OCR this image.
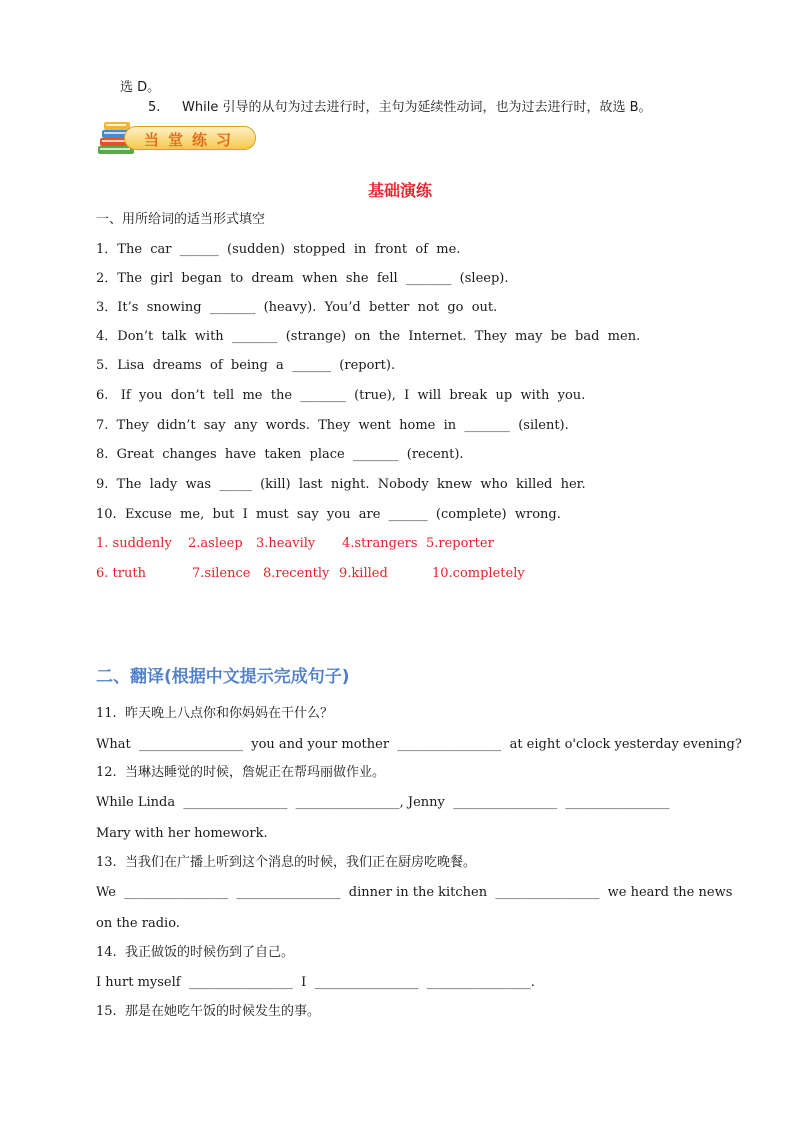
选 D。
5. While 引导的从句为过去进行时，主句为延续性动词，也为过去进行时，故选 B。
当堂练习
基础演练
一、用所给词的适当形式填空
1．The  car  ______  (sudden)  stopped  in  front  of  me.
2．The  girl  began  to  dream  when  she  fell  _______  (sleep).
3．It’s  snowing  _______  (heavy).  You’d  better  not  go  out.
4．Don’t  talk  with  _______  (strange)  on  the  Internet.  They  may  be  bad  men.
5．Lisa  dreams  of  being  a  ______  (report).
6.   If  you  don’t  tell  me  the  _______  (true),  I  will  break  up  with  you.
7.  They  didn’t  say  any  words.  They  went  home  in  _______  (silent).
8.  Great  changes  have  taken  place  _______  (recent).
9.  The  lady  was  _____  (kill)  last  night.  Nobody  knew  who  killed  her.
10.  Excuse  me,  but  I  must  say  you  are  ______  (complete)  wrong.

1. suddenly

2.asleep

3.heavily

4.strangers

5.reporter

6. truth

	7.silence

8.recently

9.killed

	10.completely

二、翻译(根据中文提示完成句子)
11.  昨天晚上八点你和你妈妈在干什么？
What  ________________  you and your mother  ________________  at eight o'clock yesterday evening?
12.  当琳达睡觉的时候，詹妮正在帮玛丽做作业。
While Linda  ________________  ________________, Jenny  ________________  ________________
Mary with her homework.
13.  当我们在广播上听到这个消息的时候，我们正在厨房吃晚餐。
We  ________________  ________________  dinner in the kitchen  ________________  we heard the news
on the radio.
14.  我正做饭的时候伤到了自己。
I hurt myself  ________________  I  ________________  ________________.
15.  那是在她吃午饭的时候发生的事。
